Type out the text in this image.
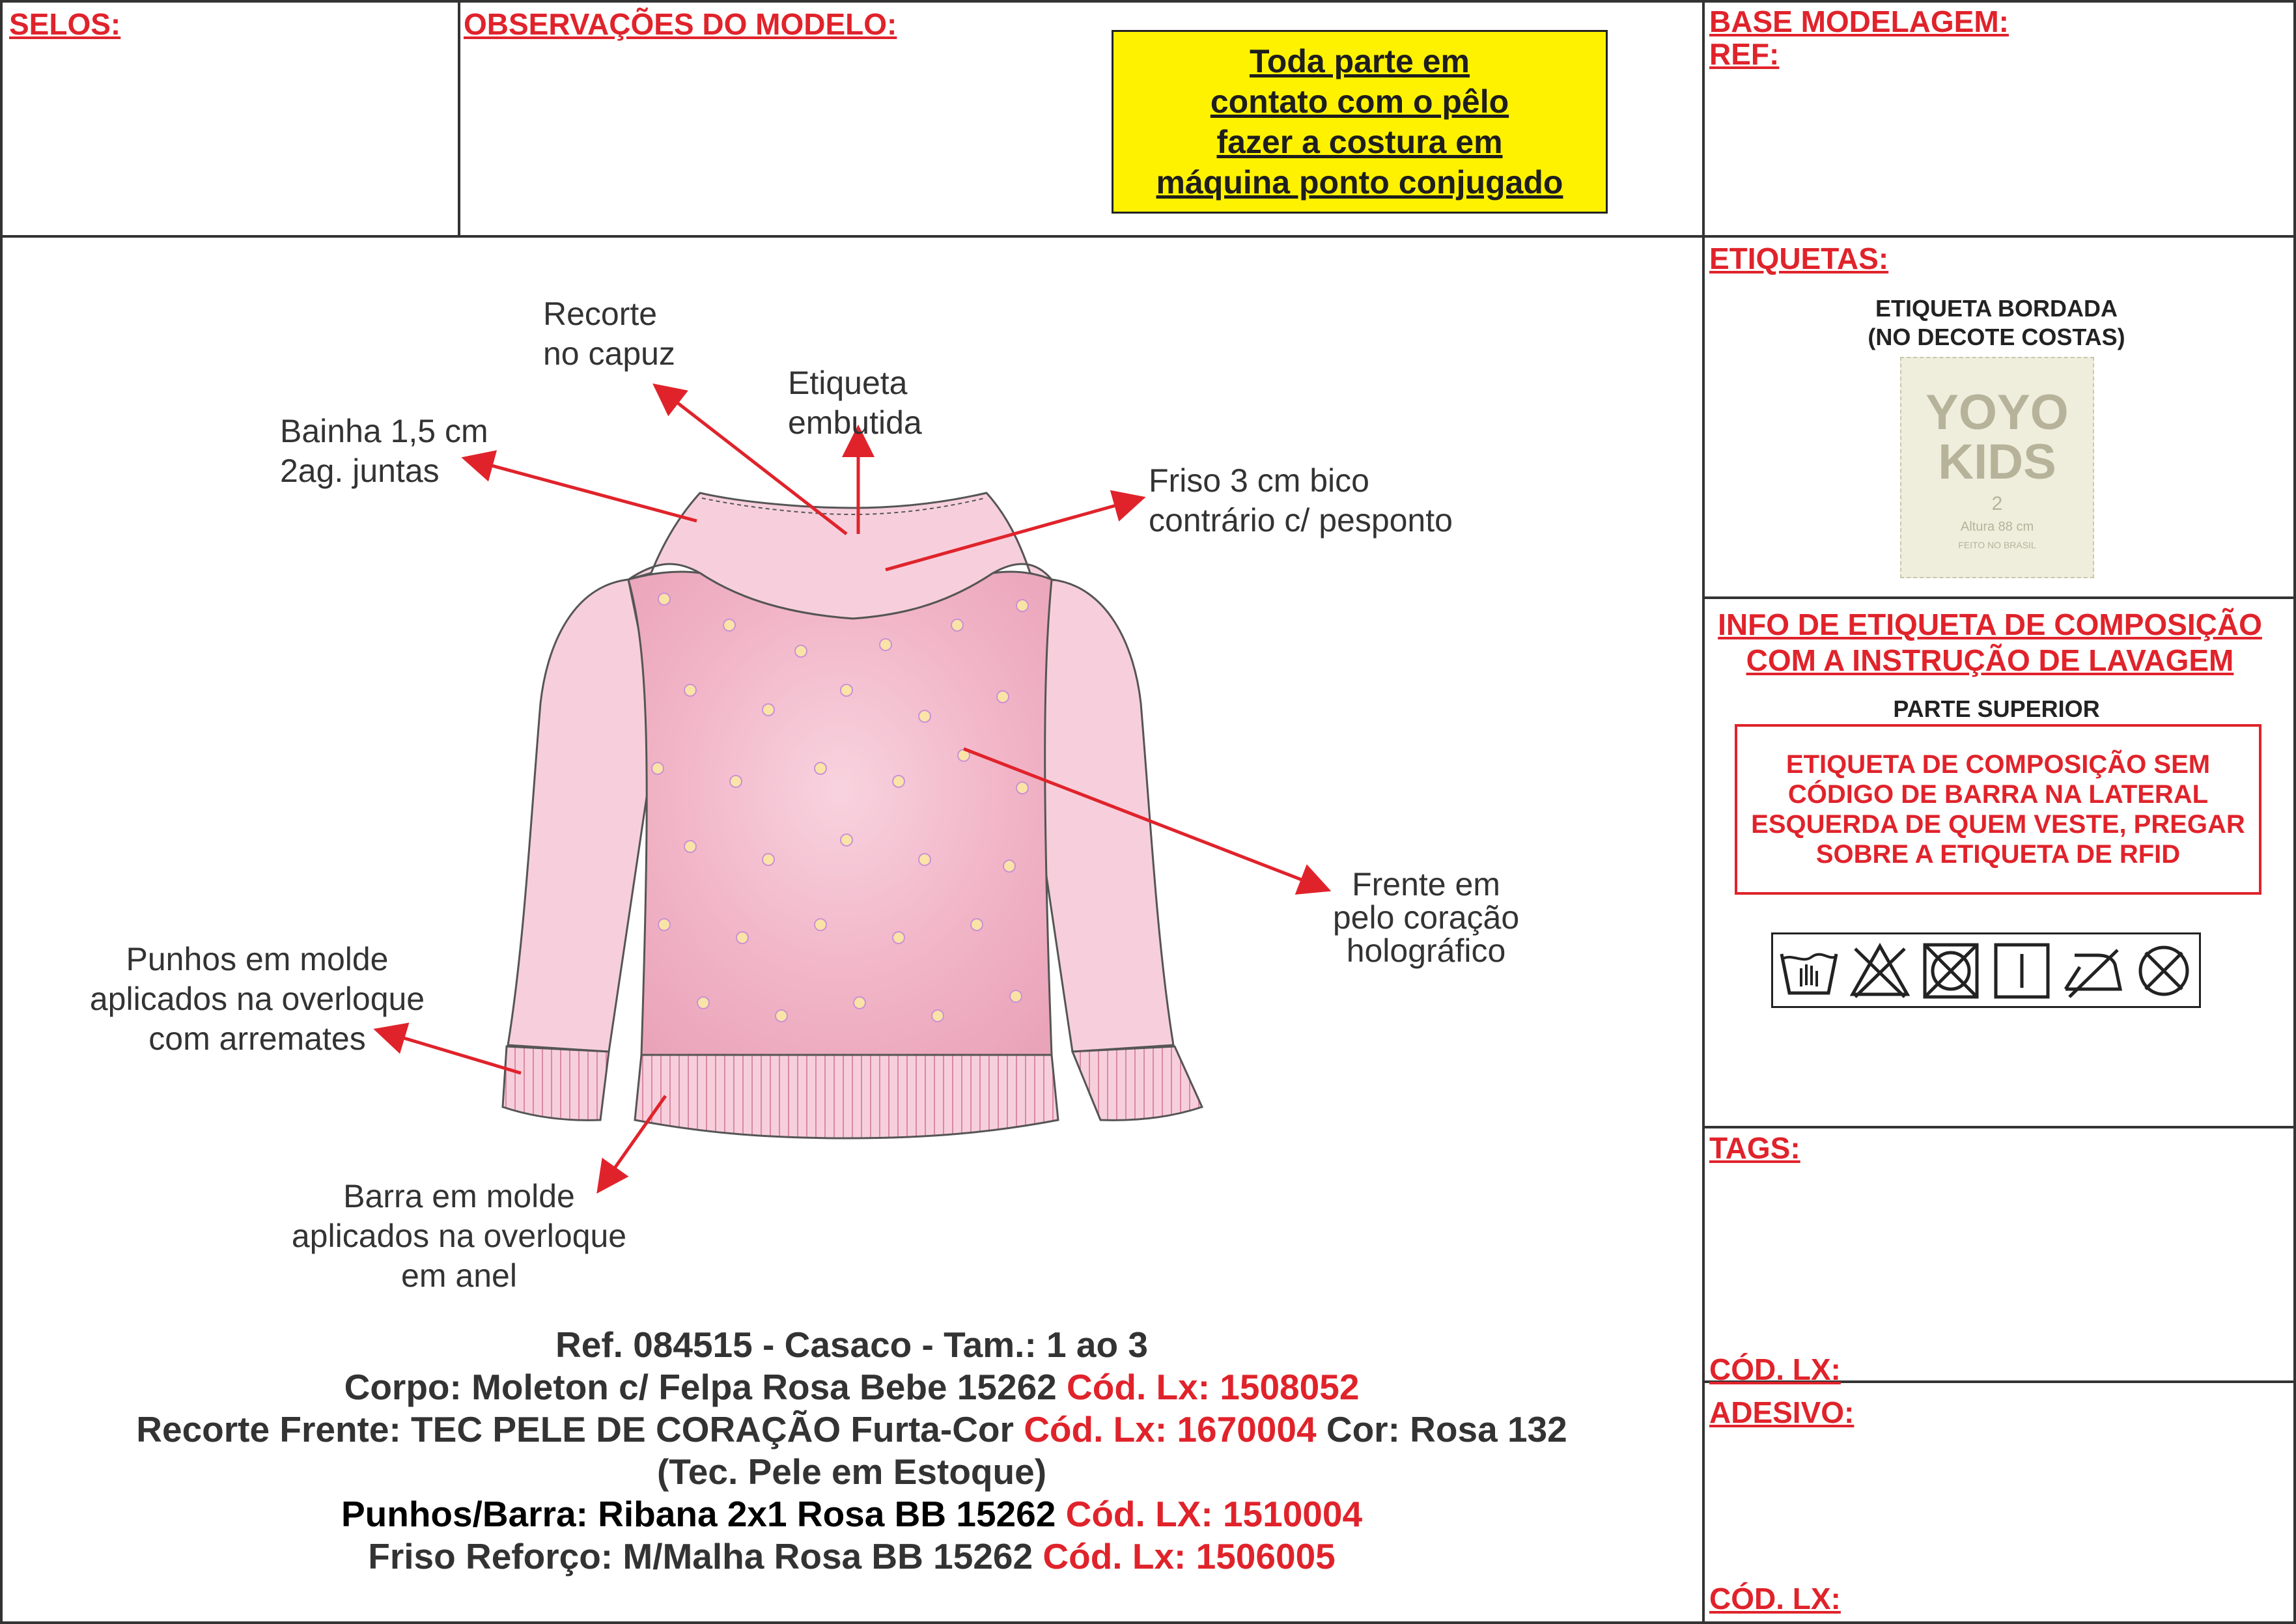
SELOS:	OBSERVAÇÕES DO MODELO:	BASE MODELAGEM:
REF:
Toda parte em
contato com o pêlo
fazer a costura em
máquina ponto conjugado
ETIQUETAS:
ETIQUETA BORDADA
(NO DECOTE COSTAS)
YOYO
KIDS
2
Altura 88 cm
FEITO NO BRASIL
INFO DE ETIQUETA DE COMPOSIÇÃO
COM A INSTRUÇÃO DE LAVAGEM
PARTE SUPERIOR
ETIQUETA DE COMPOSIÇÃO SEM
CÓDIGO DE BARRA NA LATERAL
ESQUERDA DE QUEM VESTE, PREGAR
SOBRE A ETIQUETA DE RFID
TAGS:
CÓD. LX:
ADESIVO:
CÓD. LX:
Recorte
no capuz
Etiqueta
embutida
Bainha 1,5 cm
2ag. juntas	Friso 3 cm bico
contrário c/ pesponto
Frente em
pelo coração
holográfico
Punhos em molde
aplicados na overloque
com arremates
Barra em molde
aplicados na overloque
em anel
Ref. 084515 - Casaco - Tam.: 1 ao 3
Corpo: Moleton c/ Felpa Rosa Bebe 15262 Cód. Lx: 1508052
Recorte Frente: TEC PELE DE CORAÇÃO Furta-Cor Cód. Lx: 1670004 Cor: Rosa 132
(Tec. Pele em Estoque)
Punhos/Barra: Ribana 2x1 Rosa BB 15262 Cód. LX: 1510004
Friso Reforço: M/Malha Rosa BB 15262 Cód. Lx: 1506005
